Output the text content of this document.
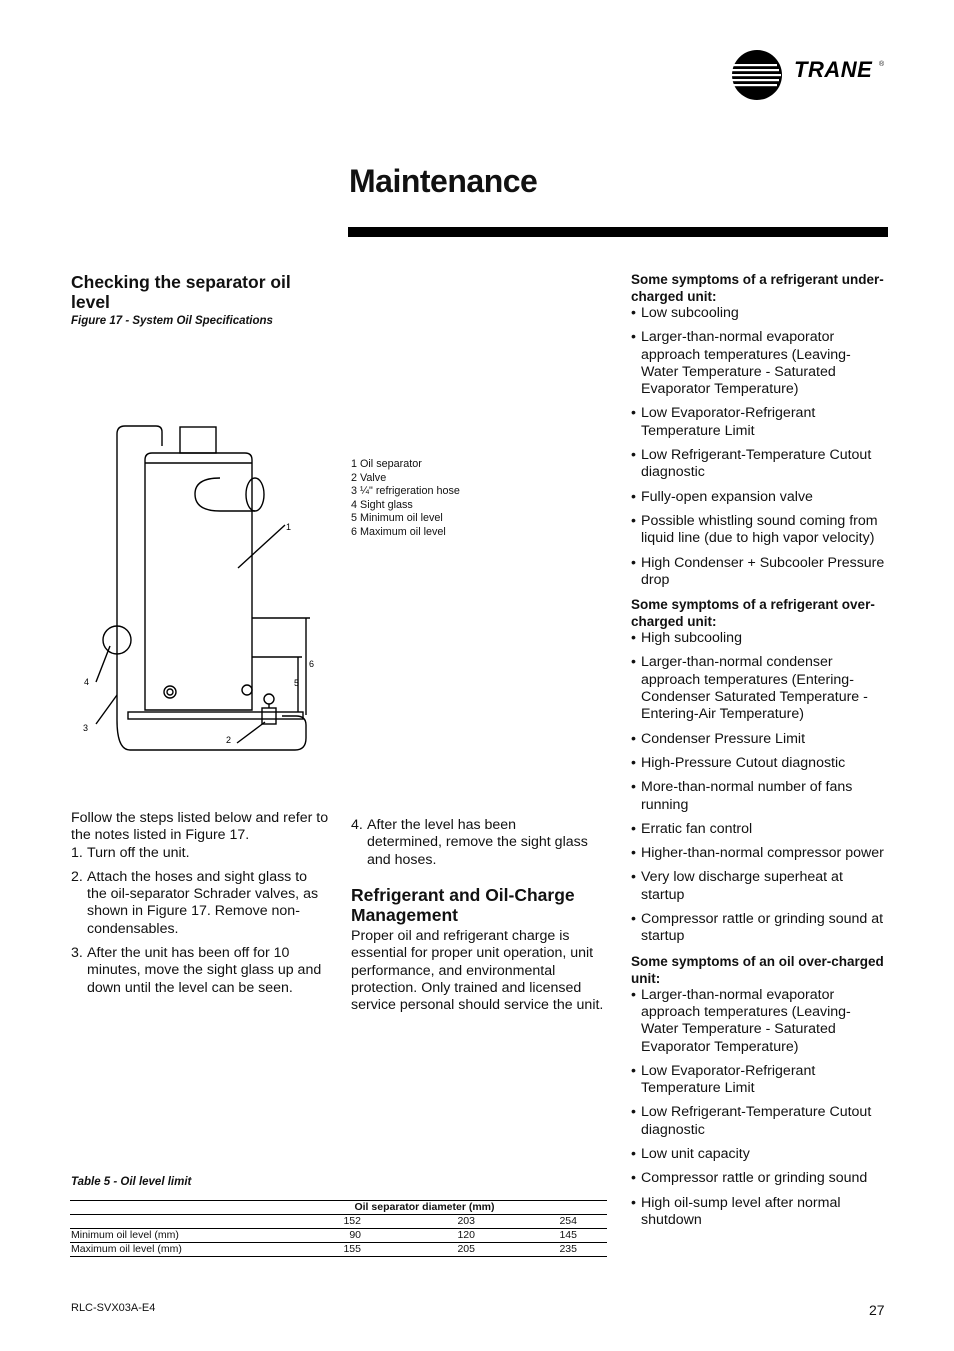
TRANE ®
Maintenance
Checking the separator oil level
Figure 17 - System Oil Specifications
1
2
3
4	5
6
1 Oil separator
2 Valve
3 ¼" refrigeration hose
4 Sight glass
5 Minimum oil level
6 Maximum oil level
Follow the steps listed below and refer to the notes listed in Figure 17.
1. Turn off the unit.
2. Attach the hoses and sight glass to the oil-separator Schrader valves, as shown in Figure 17. Remove non-condensables.
3. After the unit has been off for 10 minutes, move the sight glass up and down until the level can be seen.
4. After the level has been determined, remove the sight glass and hoses.
Refrigerant and Oil-Charge Management
Proper oil and refrigerant charge is essential for proper unit operation, unit performance, and environmental protection. Only trained and licensed service personal should service the unit.
Some symptoms of a refrigerant under-charged unit:
• Low subcooling
• Larger-than-normal evaporator approach temperatures (Leaving-Water Temperature - Saturated Evaporator Temperature)
• Low Evaporator-Refrigerant Temperature Limit
• Low Refrigerant-Temperature Cutout diagnostic
• Fully-open expansion valve
• Possible whistling sound coming from liquid line (due to high vapor velocity)
• High Condenser + Subcooler Pressure drop
Some symptoms of a refrigerant over-charged unit:
• High subcooling
• Larger-than-normal condenser approach temperatures (Entering-Condenser Saturated Temperature - Entering-Air Temperature)
• Condenser Pressure Limit
• High-Pressure Cutout diagnostic
• More-than-normal number of fans running
• Erratic fan control
• Higher-than-normal compressor power
• Very low discharge superheat at startup
• Compressor rattle or grinding sound at startup
Some symptoms of an oil over-charged unit:
• Larger-than-normal evaporator approach temperatures (Leaving-Water Temperature - Saturated Evaporator Temperature)
• Low Evaporator-Refrigerant Temperature Limit
• Low Refrigerant-Temperature Cutout diagnostic
• Low unit capacity
• Compressor rattle or grinding sound
• High oil-sump level after normal shutdown
Table 5 - Oil level limit
	Oil separator diameter (mm)		
	152	203	254
Minimum oil level (mm)	90	120	145
Maximum oil level (mm)	155	205	235
RLC-SVX03A-E4	27
